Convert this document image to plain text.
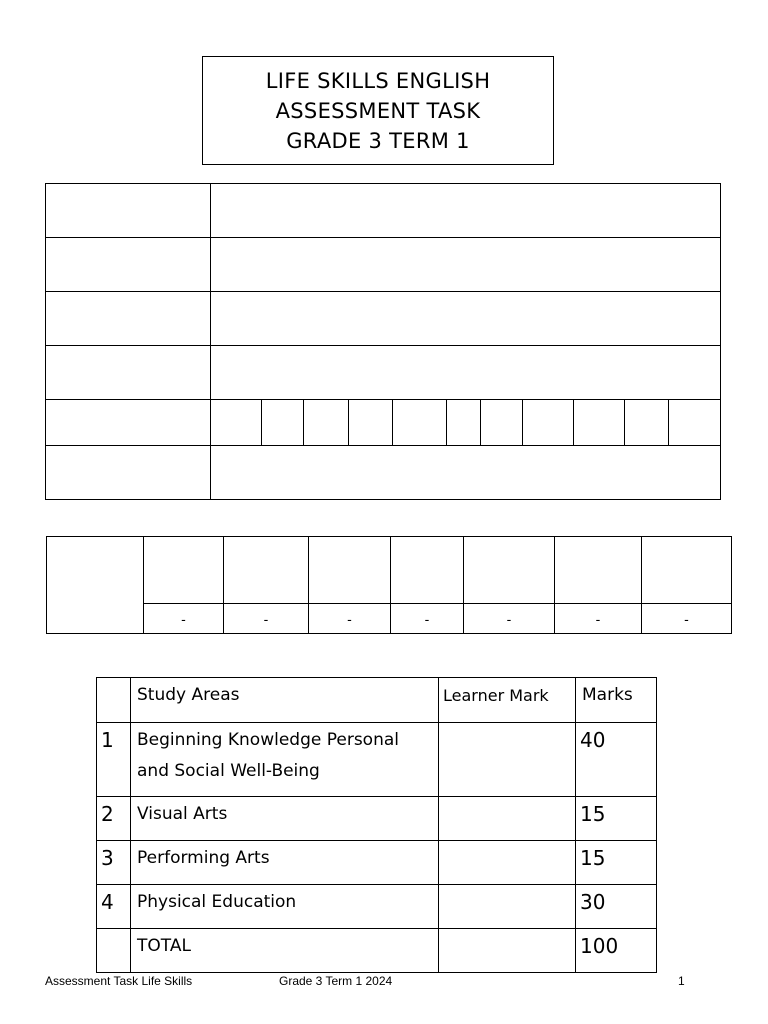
LIFE SKILLS ENGLISH
ASSESSMENT TASK
GRADE 3 TERM 1

	-	-	-	-	-	-	-
	Study Areas	Learner Mark	Marks
1	Beginning Knowledge Personal and Social Well-Being		40
2	Visual Arts		15
3	Performing Arts		15
4	Physical Education		30
	TOTAL		100
Assessment Task Life Skills	Grade 3 Term 1 2024	1
